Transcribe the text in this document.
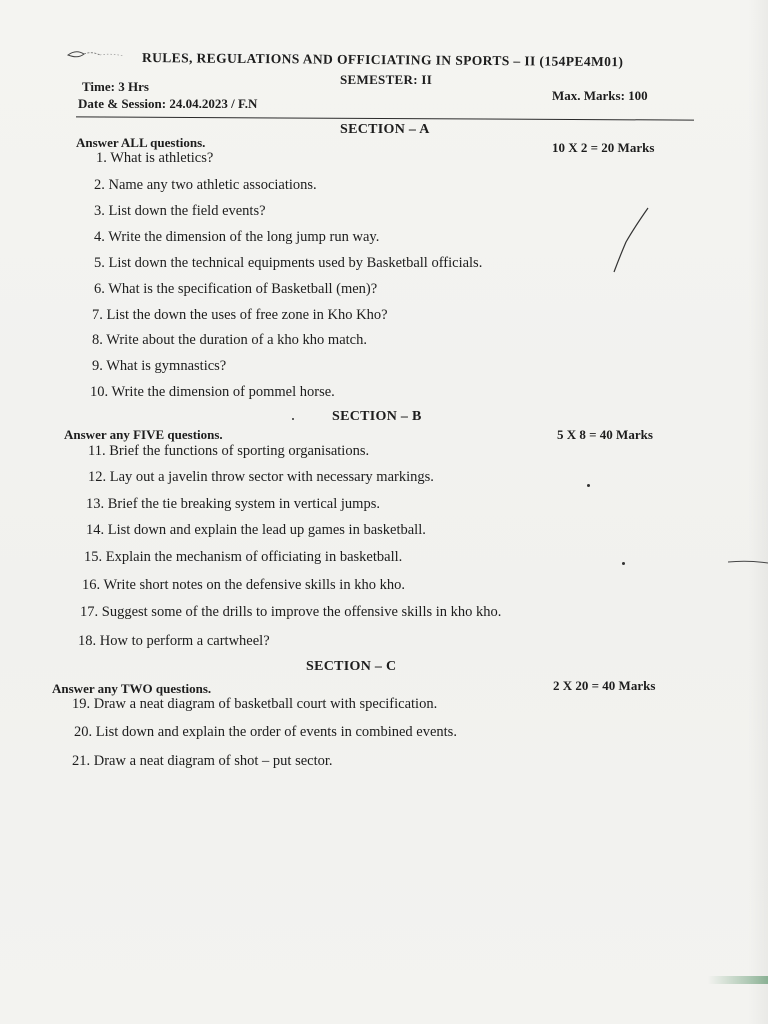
RULES, REGULATIONS AND OFFICIATING IN SPORTS – II (154PE4M01)
SEMESTER: II
Time: 3 Hrs
Max. Marks: 100
Date & Session: 24.04.2023 / F.N
SECTION – A
Answer ALL questions.	10 X 2 = 20 Marks
1. What is athletics?
2. Name any two athletic associations.
3. List down the field events?
4. Write the dimension of the long jump run way.
5. List down the technical equipments used by Basketball officials.
6. What is the specification of Basketball (men)?
7. List the down the uses of free zone in Kho Kho?
8. Write about the duration of a kho kho match.
9. What is gymnastics?
10. Write the dimension of pommel horse.
SECTION – B
Answer any FIVE questions.	5 X 8 = 40 Marks
11. Brief the functions of sporting organisations.
12. Lay out a javelin throw sector with necessary markings.
13. Brief the tie breaking system in vertical jumps.
14. List down and explain the lead up games in basketball.
15. Explain the mechanism of officiating in basketball.
16. Write short notes on the defensive skills in kho kho.
17. Suggest some of the drills to improve the offensive skills in kho kho.
18. How to perform a cartwheel?
SECTION – C
Answer any TWO questions.	2 X 20 = 40 Marks
19. Draw a neat diagram of basketball court with specification.
20. List down and explain the order of events in combined events.
21. Draw a neat diagram of shot – put sector.
